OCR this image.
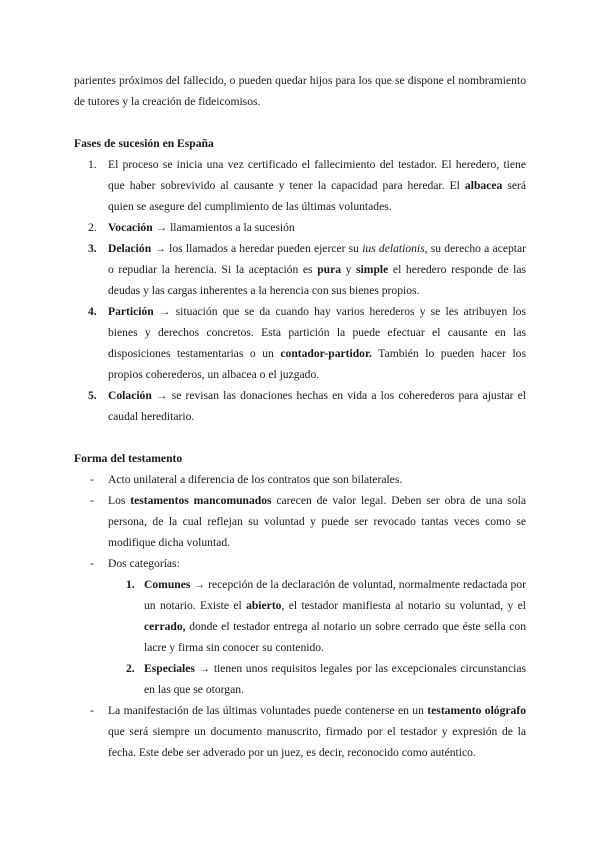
parientes próximos del fallecido, o pueden quedar hijos para los que se dispone el nombramiento de tutores y la creación de fideicomisos.

Fases de sucesión en España

1. El proceso se inicia una vez certificado el fallecimiento del testador. El heredero, tiene que haber sobrevivido al causante y tener la capacidad para heredar. El albacea será quien se asegure del cumplimiento de las últimas voluntades.

2. Vocación → llamamientos a la sucesión

3. Delación → los llamados a heredar pueden ejercer su ius delationis, su derecho a aceptar o repudiar la herencia. Si la aceptación es pura y simple el heredero responde de las deudas y las cargas inherentes a la herencia con sus bienes propios.

4. Partición → situación que se da cuando hay varios herederos y se les atribuyen los bienes y derechos concretos. Esta partición la puede efectuar el causante en las disposiciones testamentarias o un contador-partidor. También lo pueden hacer los propios coherederos, un albacea o el juzgado.

5. Colación → se revisan las donaciones hechas en vida a los coherederos para ajustar el caudal hereditario.

Forma del testamento

-	Acto unilateral a diferencia de los contratos que son bilaterales.

-	Los testamentos mancomunados carecen de valor legal. Deben ser obra de una sola persona, de la cual reflejan su voluntad y puede ser revocado tantas veces como se modifique dicha voluntad.

-	Dos categorías:

1. Comunes → recepción de la declaración de voluntad, normalmente redactada por un notario. Existe el abierto, el testador manifiesta al notario su voluntad, y el cerrado, donde el testador entrega al notario un sobre cerrado que éste sella con lacre y firma sin conocer su contenido.

2. Especiales → tienen unos requisitos legales por las excepcionales circunstancias en las que se otorgan.

-	La manifestación de las últimas voluntades puede contenerse en un testamento ológrafo que será siempre un documento manuscrito, firmado por el testador y expresión de la fecha. Este debe ser adverado por un juez, es decir, reconocido como auténtico.
